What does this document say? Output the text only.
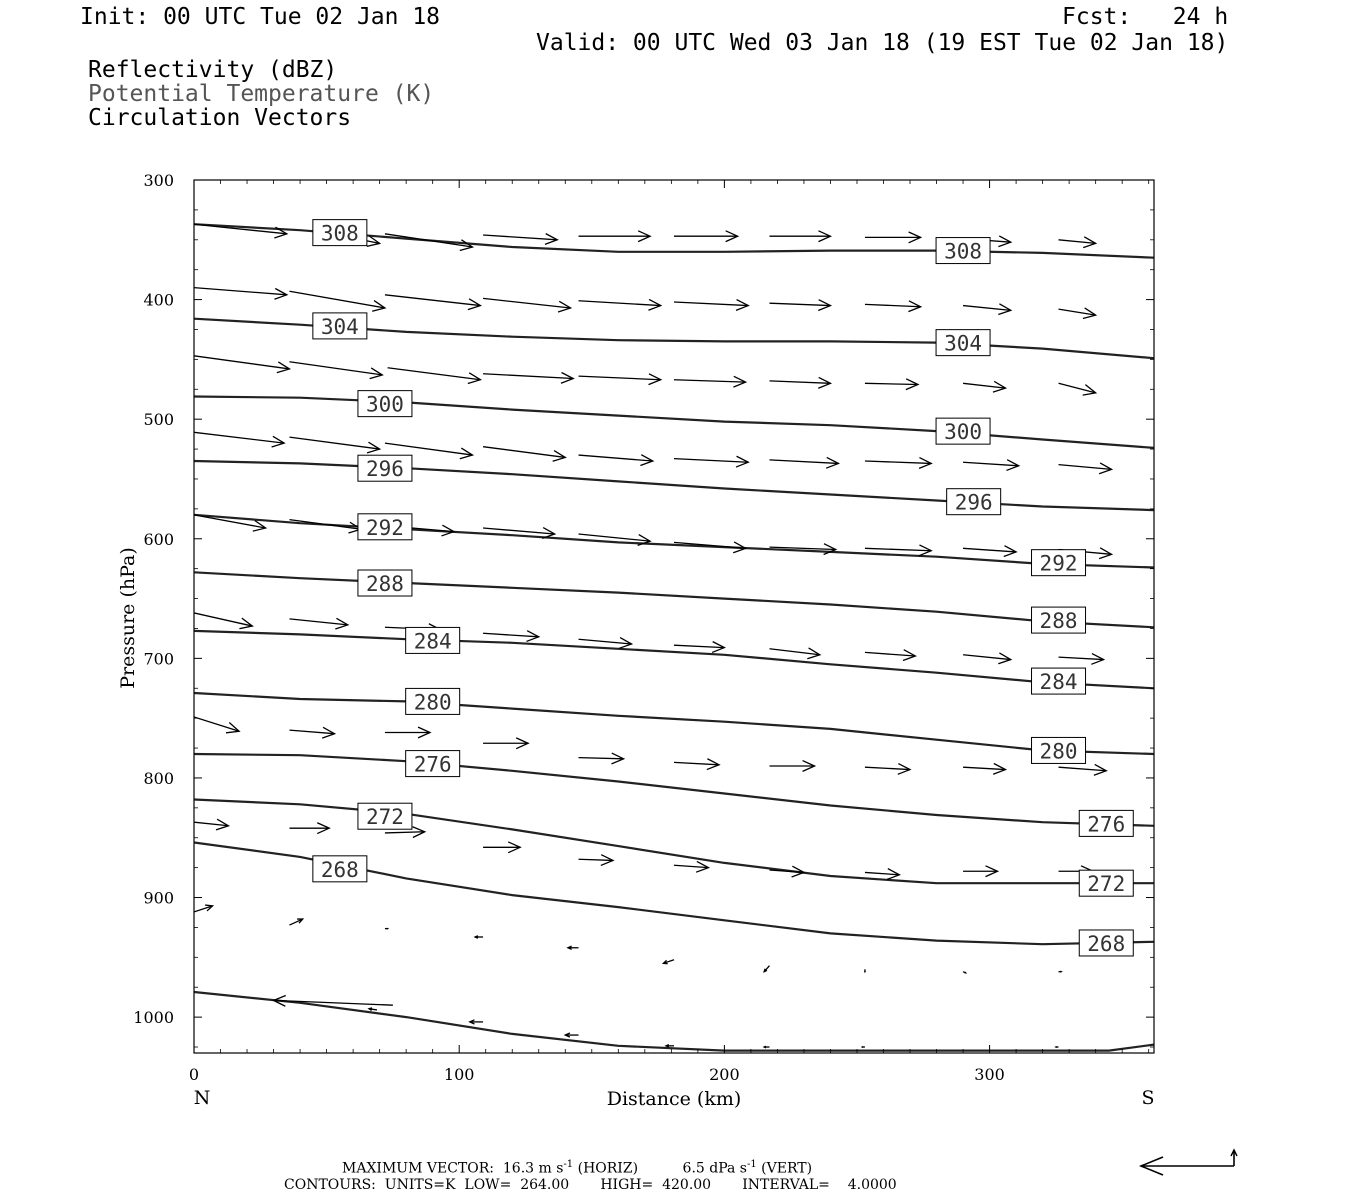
Init: 00 UTC Tue 02 Jan 18	Fcst:   24 h
Valid: 00 UTC Wed 03 Jan 18 (19 EST Tue 02 Jan 18)
Reflectivity (dBZ)
Potential Temperature (K)
Circulation Vectors
308
308
304
304
300
300
296
296
292
292
288
288
284
284
280
280
276
276
272
272
268
268
300
400
500
600
700
800
900
1000
0	100	200	300
Distance (km)
Pressure (hPa)
N	S
MAXIMUM VECTOR:  16.3 m $s^{-1}$ (HORIZ)          6.5 dPa $s^{-1}$ (VERT)
CONTOURS:  UNITS=K  LOW=  264.00       HIGH=  420.00       INTERVAL=    4.0000
